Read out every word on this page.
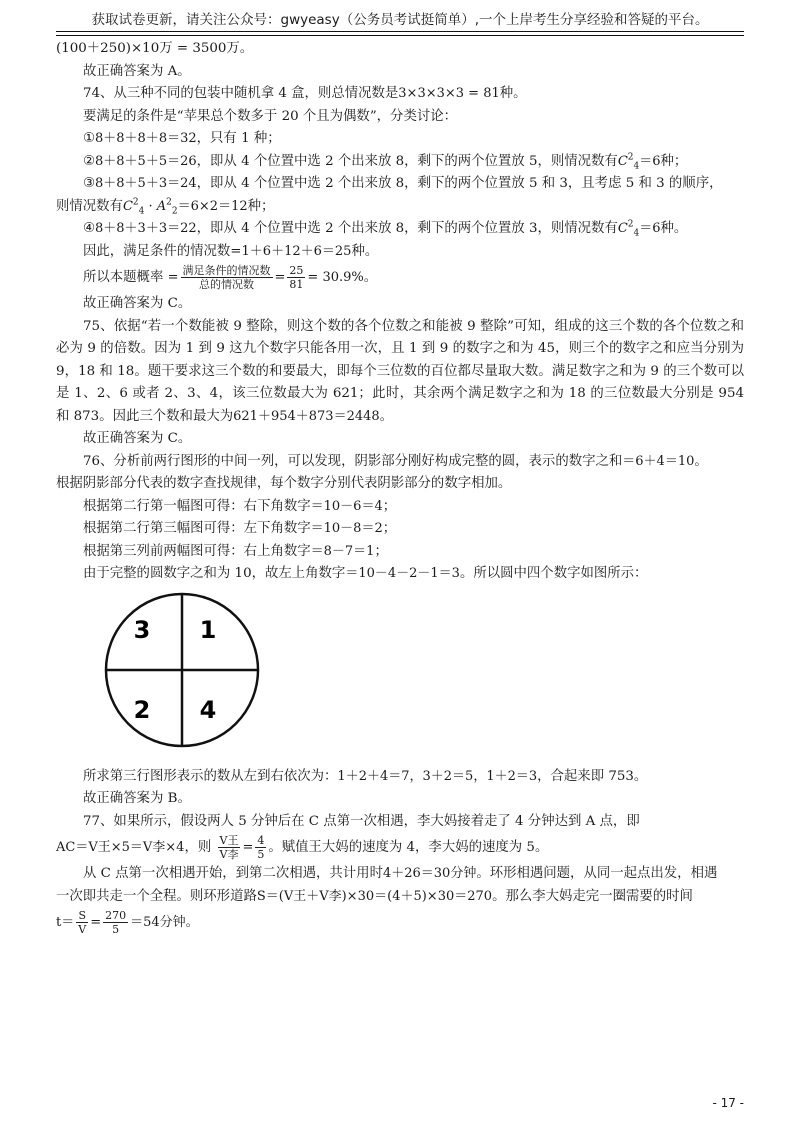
获取试卷更新，请关注公众号：gwyeasy（公务员考试挺简单）,一个上岸考生分享经验和答疑的平台。

(100＋250)×10万 = 3500万。

故正确答案为 A。

74、从三种不同的包装中随机拿 4 盒，则总情况数是3×3×3×3 = 81种。

要满足的条件是“苹果总个数多于 20 个且为偶数”，分类讨论：

①8＋8＋8＋8＝32，只有 1 种；

②8＋8＋5＋5＝26，即从 4 个位置中选 2 个出来放 8，剩下的两个位置放 5，则情况数有$C^2_4=6$种；

③8＋8＋5＋3＝24，即从 4 个位置中选 2 个出来放 8，剩下的两个位置放 5 和 3，且考虑 5 和 3 的顺序，

则情况数有$C^2_4 \cdot A^2_2=6\times 2=12$种；

④8＋8＋3＋3＝22，即从 4 个位置中选 2 个出来放 8，剩下的两个位置放 3，则情况数有$C^2_4=6$种。

因此，满足条件的情况数=1＋6＋12＋6＝25种。

所以本题概率 = $\frac{\text{满足条件的情况数}}{\text{总的情况数}} = \frac{25}{81} = 30.9\%$。

故正确答案为 C。

75、依据“若一个数能被 9 整除，则这个数的各个位数之和能被 9 整除”可知，组成的这三个数的各个位数之和必为 9 的倍数。因为 1 到 9 这九个数字只能各用一次，且 1 到 9 的数字之和为 45，则三个的数字之和应当分别为 9，18 和 18。题干要求这三个数的和要最大，即每个三位数的百位都尽量取大数。满足数字之和为 9 的三个数可以是 1、2、6 或者 2、3、4，该三位数最大为 621；此时，其余两个满足数字之和为 18 的三位数最大分别是 954 和 873。因此三个数和最大为621＋954＋873＝2448。

故正确答案为 C。

76、分析前两行图形的中间一列，可以发现，阴影部分刚好构成完整的圆，表示的数字之和＝6＋4＝10。

根据阴影部分代表的数字查找规律，每个数字分别代表阴影部分的数字相加。

根据第二行第一幅图可得：右下角数字＝10－6＝4；

根据第二行第三幅图可得：左下角数字＝10－8＝2；

根据第三列前两幅图可得：右上角数字＝8－7＝1；

由于完整的圆数字之和为 10，故左上角数字＝10－4－2－1＝3。所以圆中四个数字如图所示：

3 1
2 4

所求第三行图形表示的数从左到右依次为：1＋2＋4＝7，3＋2＝5，1＋2＝3，合起来即 753。

故正确答案为 B。

77、如果所示，假设两人 5 分钟后在 C 点第一次相遇，李大妈接着走了 4 分钟达到 A 点，即

AC＝V王×5＝V李×4，则 $\frac{\text{V王}}{\text{V李}} = \frac{4}{5}$ 。赋值王大妈的速度为 4，李大妈的速度为 5。

从 C 点第一次相遇开始，到第二次相遇，共计用时4＋26＝30分钟。环形相遇问题，从同一起点出发，相遇

一次即共走一个全程。则环形道路S＝(V王＋V李)×30＝(4＋5)×30＝270。那么李大妈走完一圈需要的时间

$t= \frac{S}{V} = \frac{270}{5} =54$分钟。

- 17 -
